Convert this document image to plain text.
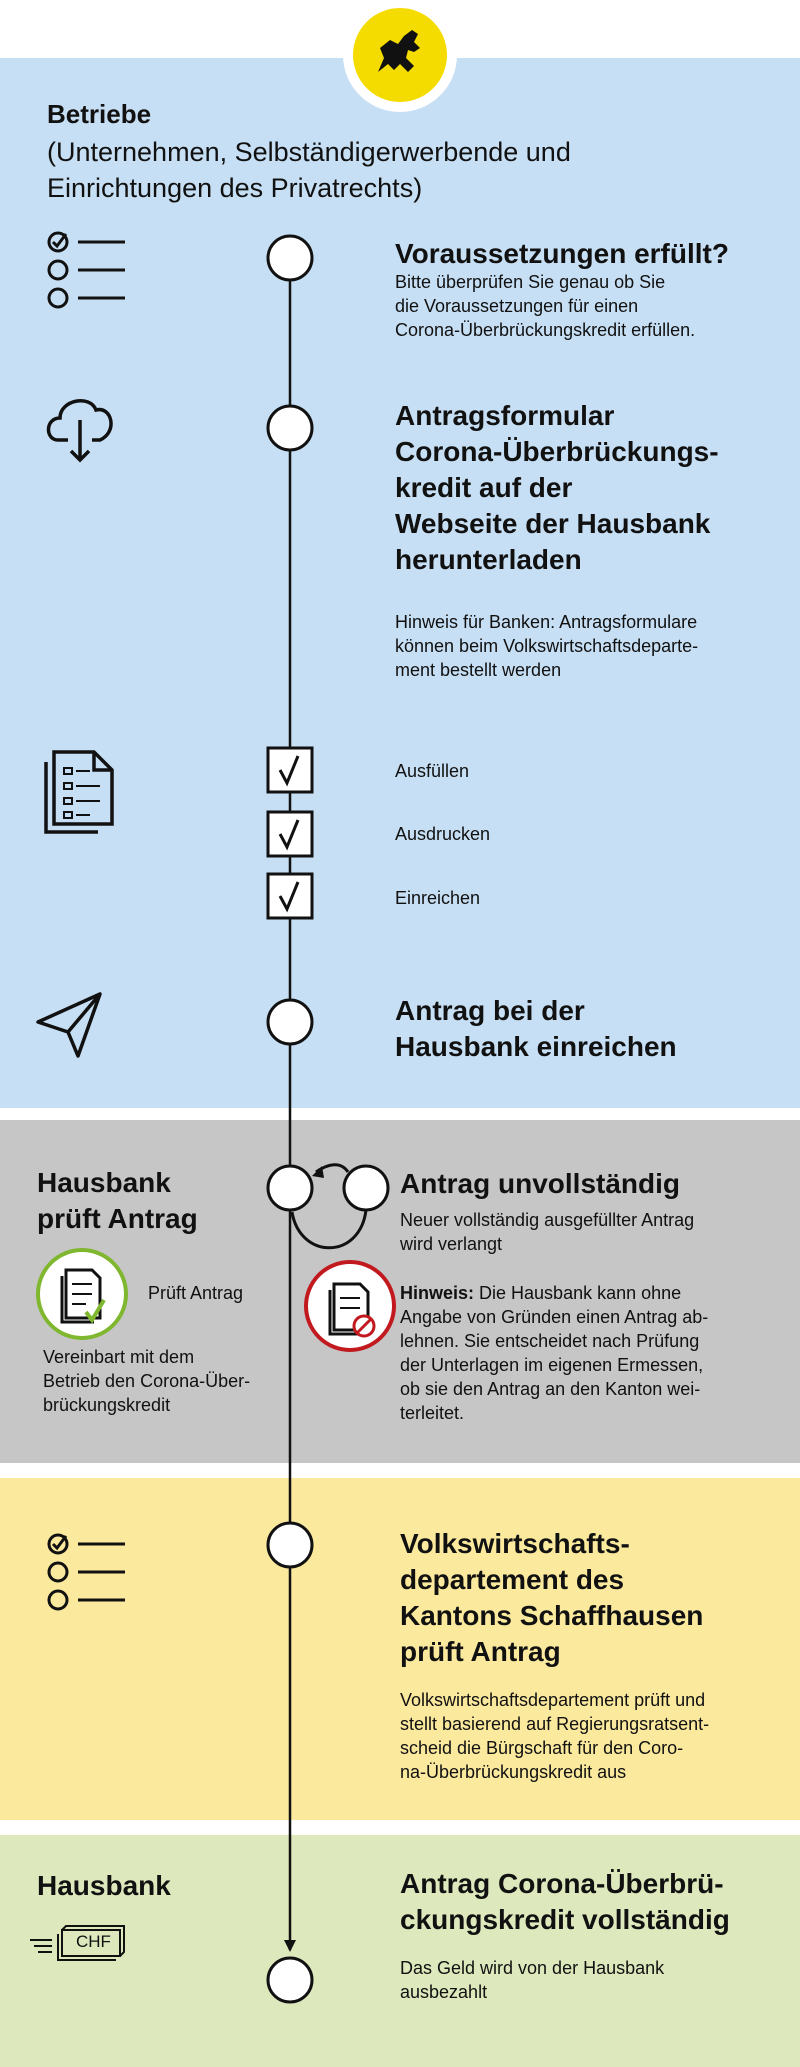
Betriebe

(Unternehmen, Selbständigerwerbende und

Einrichtungen des Privatrechts)

Voraussetzungen erfüllt?

Bitte überprüfen Sie genau ob Sie

die Voraussetzungen für einen

Corona-Überbrückungskredit erfüllen.

Antragsformular

Corona-Überbrückungs-

kredit auf der

Webseite der Hausbank

herunterladen

Hinweis für Banken: Antragsformulare

können beim Volkswirtschaftsdeparte-

ment bestellt werden

Ausfüllen

Ausdrucken

Einreichen

Antrag bei der

Hausbank einreichen

Hausbank

prüft Antrag

Prüft Antrag

Vereinbart mit dem

Betrieb den Corona-Über-

brückungskredit

Antrag unvollständig

Neuer vollständig ausgefüllter Antrag

wird verlangt

Hinweis: Die Hausbank kann ohne

Angabe von Gründen einen Antrag ab-

lehnen. Sie entscheidet nach Prüfung

der Unterlagen im eigenen Ermessen,

ob sie den Antrag an den Kanton wei-

terleitet.

Volkswirtschafts-

departement des

Kantons Schaffhausen

prüft Antrag

Volkswirtschaftsdepartement prüft und

stellt basierend auf Regierungsratsent-

scheid die Bürgschaft für den Coro-

na-Überbrückungskredit aus

Hausbank

CHF

Antrag Corona-Überbrü-

ckungskredit vollständig

Das Geld wird von der Hausbank

ausbezahlt
